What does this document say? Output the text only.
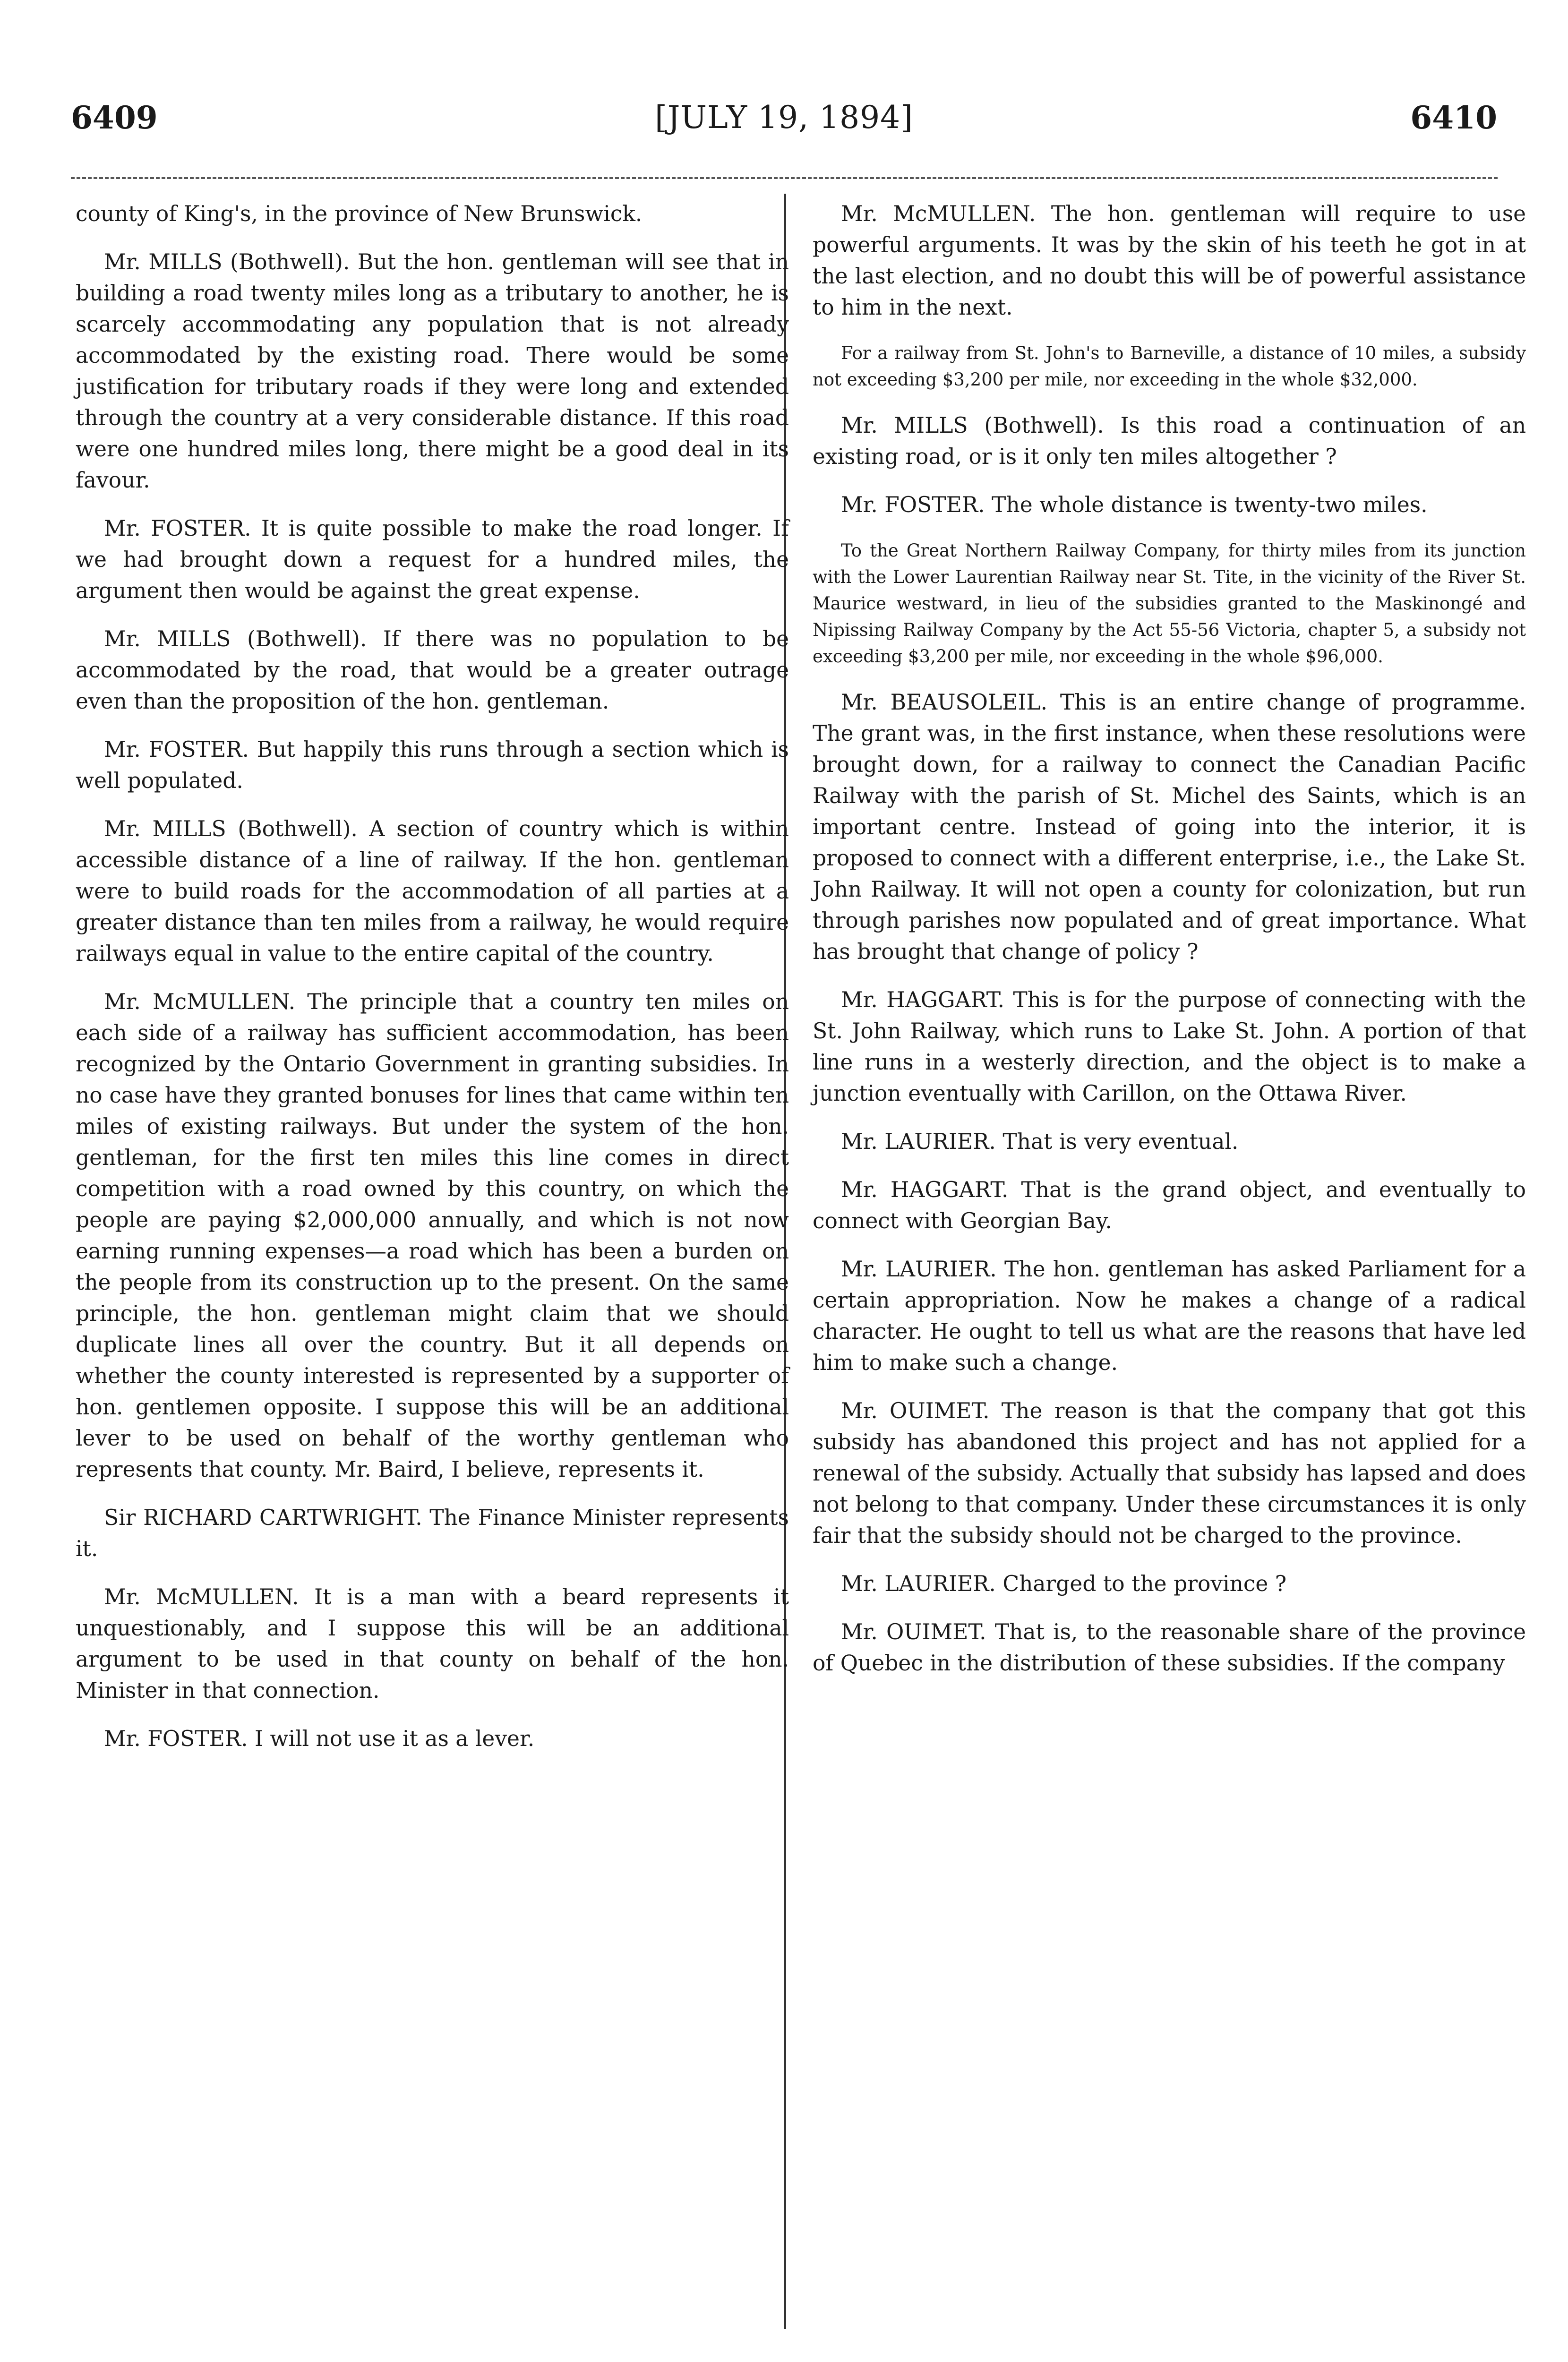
6409	[JULY 19, 1894]	6410

county of King's, in the province of New Brunswick.

Mr. MILLS (Bothwell). But the hon. gentleman will see that in building a road twenty miles long as a tributary to another, he is scarcely accommodating any population that is not already accommodated by the existing road. There would be some justification for tributary roads if they were long and extended through the country at a very considerable distance. If this road were one hundred miles long, there might be a good deal in its favour.

Mr. FOSTER. It is quite possible to make the road longer. If we had brought down a request for a hundred miles, the argument then would be against the great expense.

Mr. MILLS (Bothwell). If there was no population to be accommodated by the road, that would be a greater outrage even than the proposition of the hon. gentleman.

Mr. FOSTER. But happily this runs through a section which is well populated.

Mr. MILLS (Bothwell). A section of country which is within accessible distance of a line of railway. If the hon. gentleman were to build roads for the accommodation of all parties at a greater distance than ten miles from a railway, he would require railways equal in value to the entire capital of the country.

Mr. McMULLEN. The principle that a country ten miles on each side of a railway has sufficient accommodation, has been recognized by the Ontario Government in granting subsidies. In no case have they granted bonuses for lines that came within ten miles of existing railways. But under the system of the hon. gentleman, for the first ten miles this line comes in direct competition with a road owned by this country, on which the people are paying $2,000,000 annually, and which is not now earning running expenses—a road which has been a burden on the people from its construction up to the present. On the same principle, the hon. gentleman might claim that we should duplicate lines all over the country. But it all depends on whether the county interested is represented by a supporter of hon. gentlemen opposite. I suppose this will be an additional lever to be used on behalf of the worthy gentleman who represents that county. Mr. Baird, I believe, represents it.

Sir RICHARD CARTWRIGHT. The Finance Minister represents it.

Mr. McMULLEN. It is a man with a beard represents it unquestionably, and I suppose this will be an additional argument to be used in that county on behalf of the hon. Minister in that connection.

Mr. FOSTER. I will not use it as a lever.

Mr. McMULLEN. The hon. gentleman will require to use powerful arguments. It was by the skin of his teeth he got in at the last election, and no doubt this will be of powerful assistance to him in the next.

For a railway from St. John's to Barneville, a distance of 10 miles, a subsidy not exceeding $3,200 per mile, nor exceeding in the whole $32,000.

Mr. MILLS (Bothwell). Is this road a continuation of an existing road, or is it only ten miles altogether ?

Mr. FOSTER. The whole distance is twenty-two miles.

To the Great Northern Railway Company, for thirty miles from its junction with the Lower Laurentian Railway near St. Tite, in the vicinity of the River St. Maurice westward, in lieu of the subsidies granted to the Maskinongé and Nipissing Railway Company by the Act 55-56 Victoria, chapter 5, a subsidy not exceeding $3,200 per mile, nor exceeding in the whole $96,000.

Mr. BEAUSOLEIL. This is an entire change of programme. The grant was, in the first instance, when these resolutions were brought down, for a railway to connect the Canadian Pacific Railway with the parish of St. Michel des Saints, which is an important centre. Instead of going into the interior, it is proposed to connect with a different enterprise, i.e., the Lake St. John Railway. It will not open a county for colonization, but run through parishes now populated and of great importance. What has brought that change of policy ?

Mr. HAGGART. This is for the purpose of connecting with the St. John Railway, which runs to Lake St. John. A portion of that line runs in a westerly direction, and the object is to make a junction eventually with Carillon, on the Ottawa River.

Mr. LAURIER. That is very eventual.

Mr. HAGGART. That is the grand object, and eventually to connect with Georgian Bay.

Mr. LAURIER. The hon. gentleman has asked Parliament for a certain appropriation. Now he makes a change of a radical character. He ought to tell us what are the reasons that have led him to make such a change.

Mr. OUIMET. The reason is that the company that got this subsidy has abandoned this project and has not applied for a renewal of the subsidy. Actually that subsidy has lapsed and does not belong to that company. Under these circumstances it is only fair that the subsidy should not be charged to the province.

Mr. LAURIER. Charged to the province ?

Mr. OUIMET. That is, to the reasonable share of the province of Quebec in the distribution of these subsidies. If the company
